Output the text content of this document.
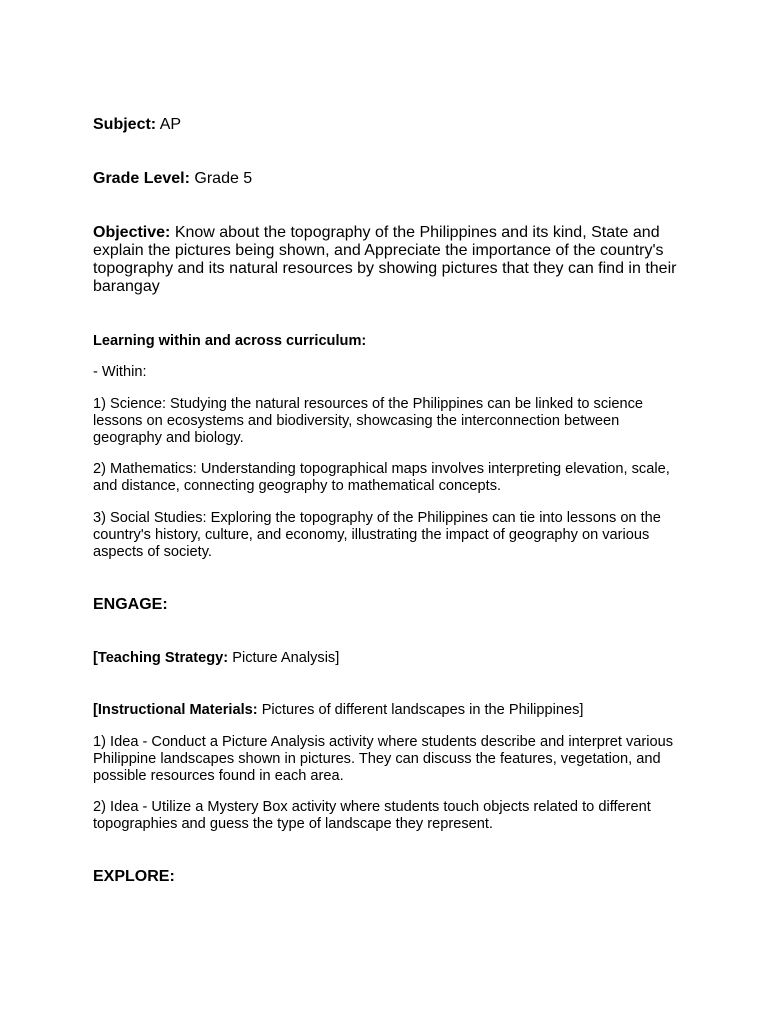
Subject: AP

Grade Level: Grade 5

Objective: Know about the topography of the Philippines and its kind, State and explain the pictures being shown, and Appreciate the importance of the country's topography and its natural resources by showing pictures that they can find in their barangay

Learning within and across curriculum:

- Within:

1) Science: Studying the natural resources of the Philippines can be linked to science lessons on ecosystems and biodiversity, showcasing the interconnection between geography and biology.

2) Mathematics: Understanding topographical maps involves interpreting elevation, scale, and distance, connecting geography to mathematical concepts.

3) Social Studies: Exploring the topography of the Philippines can tie into lessons on the country's history, culture, and economy, illustrating the impact of geography on various aspects of society.

ENGAGE:

[Teaching Strategy: Picture Analysis]

[Instructional Materials: Pictures of different landscapes in the Philippines]

1) Idea - Conduct a Picture Analysis activity where students describe and interpret various Philippine landscapes shown in pictures. They can discuss the features, vegetation, and possible resources found in each area.

2) Idea - Utilize a Mystery Box activity where students touch objects related to different topographies and guess the type of landscape they represent.

EXPLORE:
